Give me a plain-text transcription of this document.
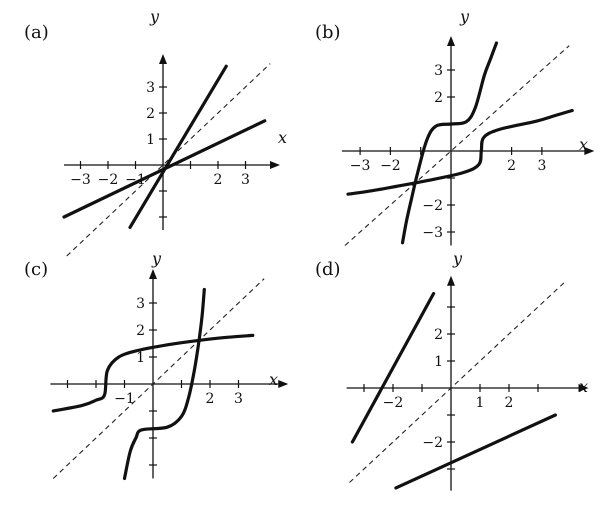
(a)
x
y
−3 −2 −1	2 3
1
2
3
(b)
x
y
−3 −2	2 3
−3
−2
2
3
(c)
x
y
−1	2 3
1
2
3
(d)
x
y
−2	1 2
−2
1
2
